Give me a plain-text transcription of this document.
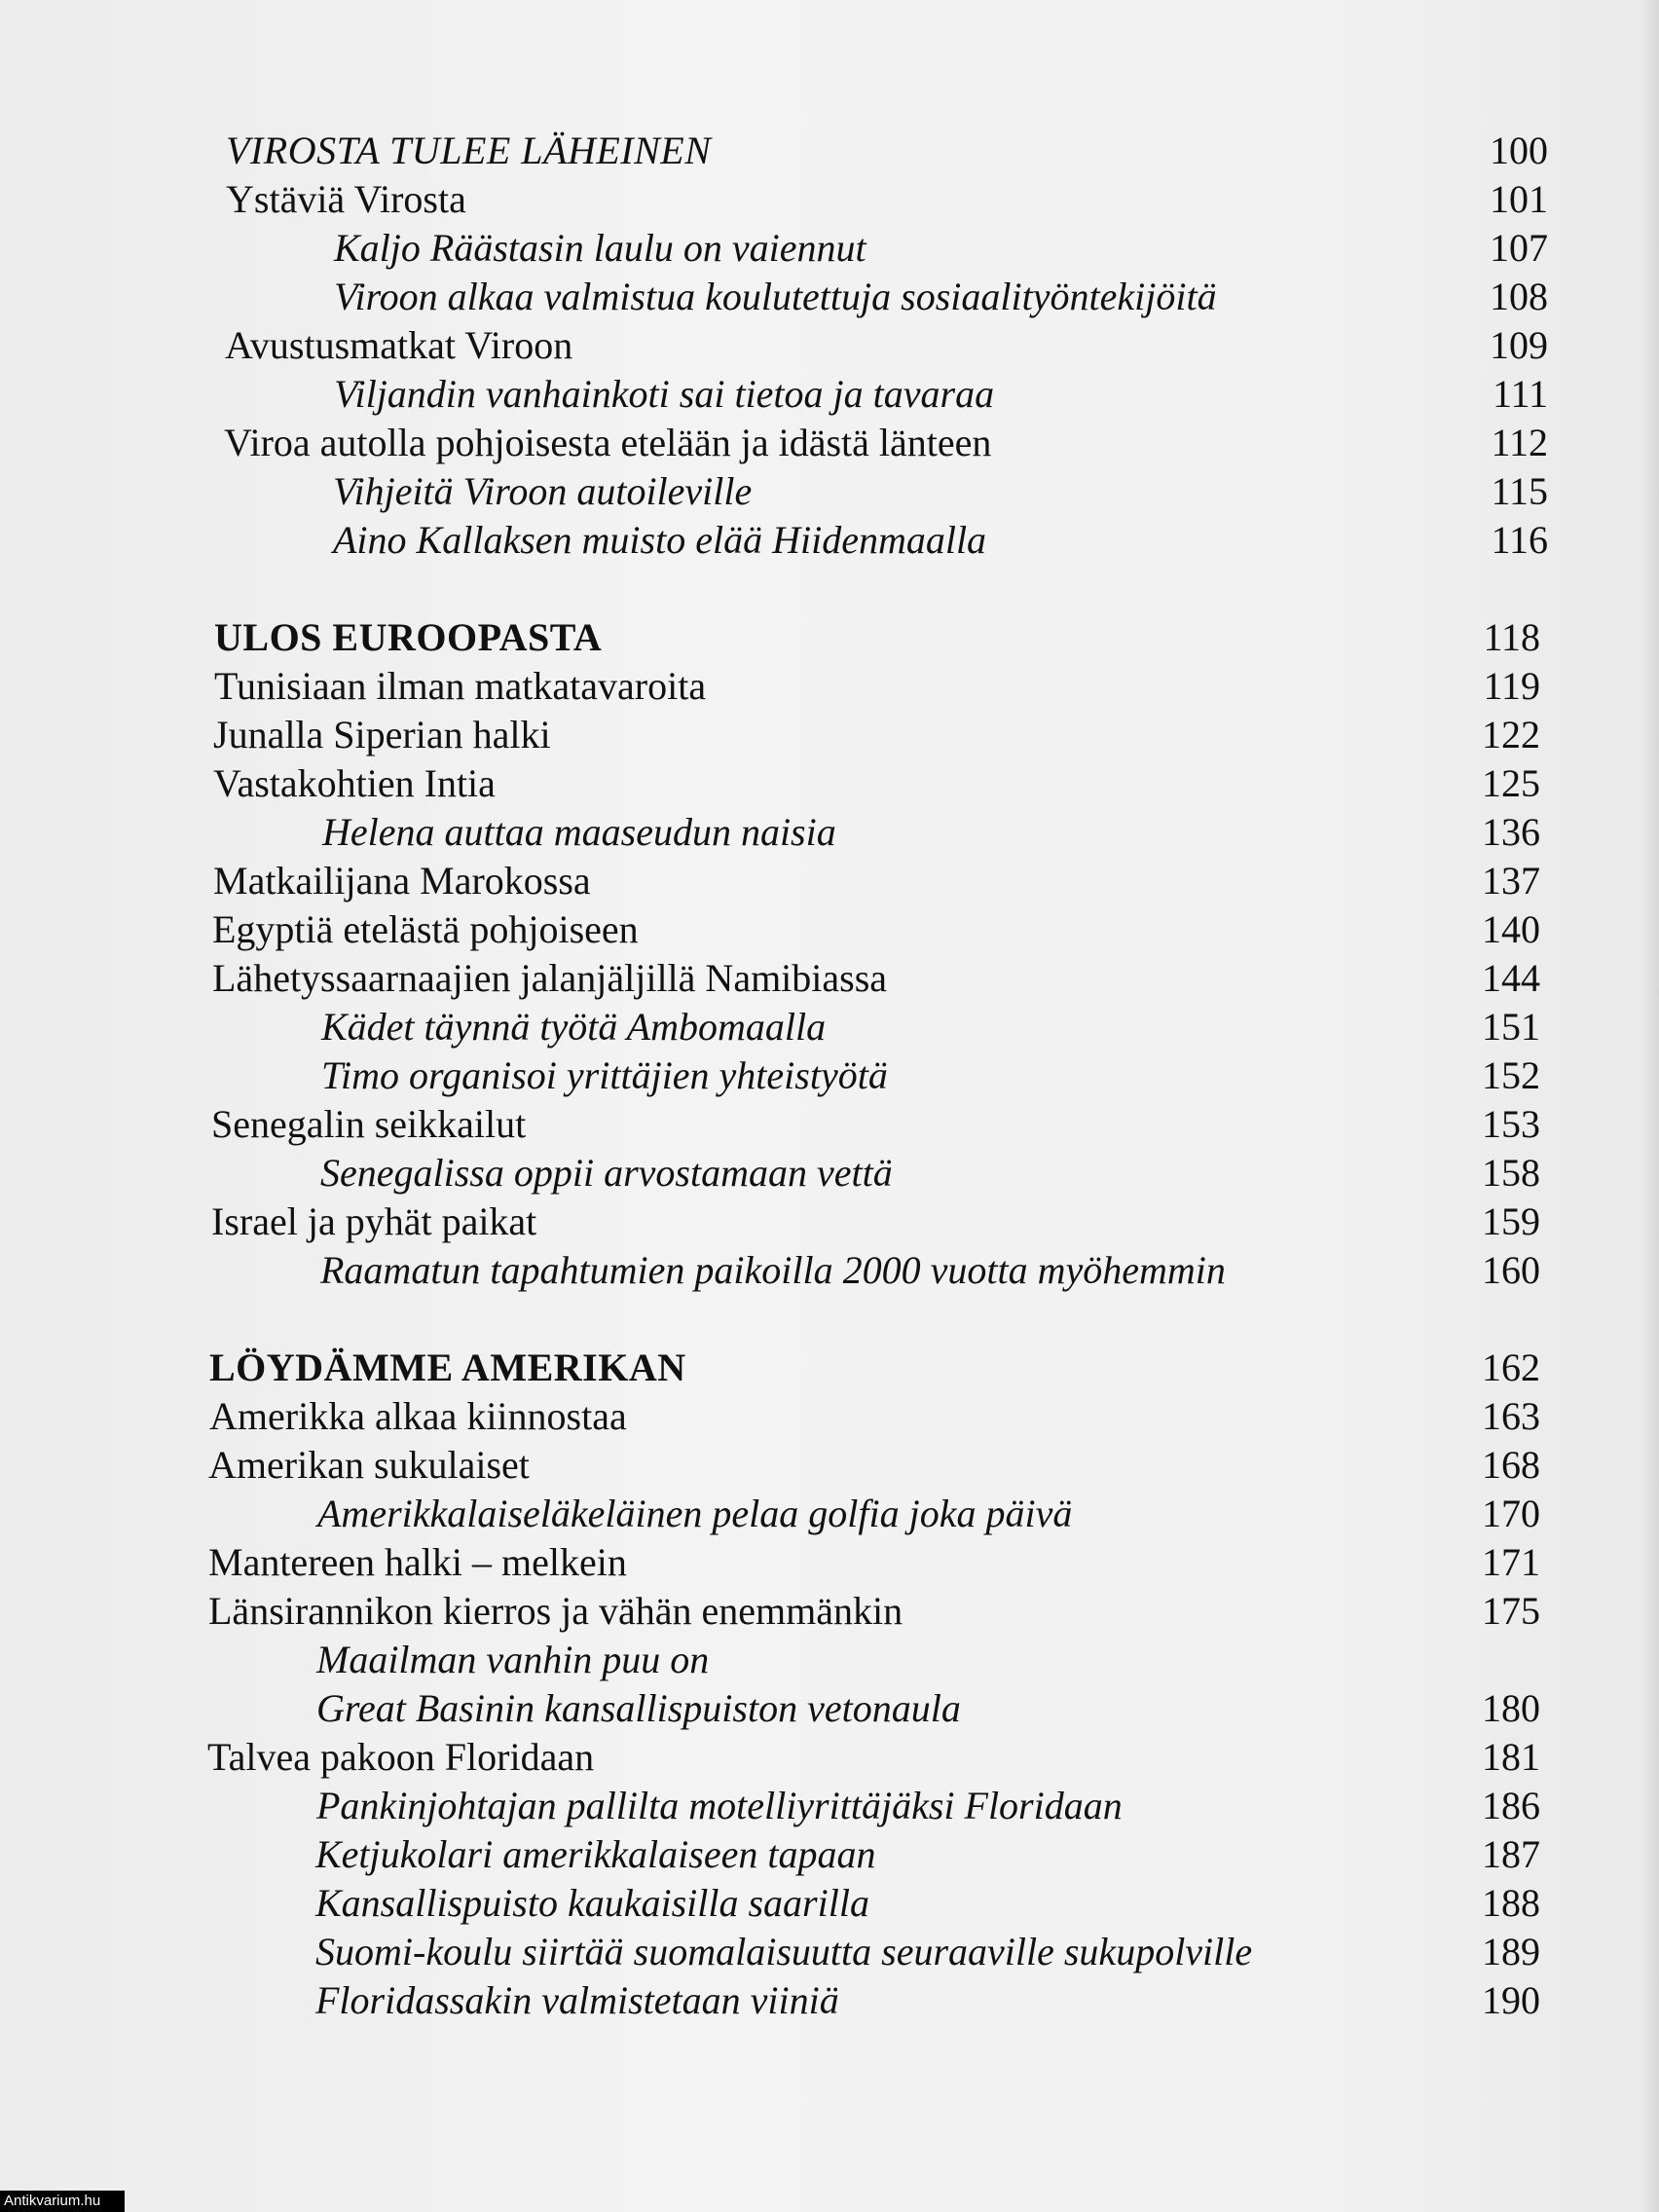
VIROSTA TULEE LÄHEINEN	100
Ystäviä Virosta	101
Kaljo Räästasin laulu on vaiennut	107
Viroon alkaa valmistua koulutettuja sosiaalityöntekijöitä	108
Avustusmatkat Viroon	109
Viljandin vanhainkoti sai tietoa ja tavaraa	111
Viroa autolla pohjoisesta etelään ja idästä länteen	112
Vihjeitä Viroon autoileville	115
Aino Kallaksen muisto elää Hiidenmaalla	116
ULOS EUROOPASTA	118
Tunisiaan ilman matkatavaroita	119
Junalla Siperian halki	122
Vastakohtien Intia	125
Helena auttaa maaseudun naisia	136
Matkailijana Marokossa	137
Egyptiä etelästä pohjoiseen	140
Lähetyssaarnaajien jalanjäljillä Namibiassa	144
Kädet täynnä työtä Ambomaalla	151
Timo organisoi yrittäjien yhteistyötä	152
Senegalin seikkailut	153
Senegalissa oppii arvostamaan vettä	158
Israel ja pyhät paikat	159
Raamatun tapahtumien paikoilla 2000 vuotta myöhemmin	160
LÖYDÄMME AMERIKAN	162
Amerikka alkaa kiinnostaa	163
Amerikan sukulaiset	168
Amerikkalaiseläkeläinen pelaa golfia joka päivä	170
Mantereen halki – melkein	171
Länsirannikon kierros ja vähän enemmänkin	175
Maailman vanhin puu on
Great Basinin kansallispuiston vetonaula	180
Talvea pakoon Floridaan	181
Pankinjohtajan pallilta motelliyrittäjäksi Floridaan	186
Ketjukolari amerikkalaiseen tapaan	187
Kansallispuisto kaukaisilla saarilla	188
Suomi-koulu siirtää suomalaisuutta seuraaville sukupolville	189
Floridassakin valmistetaan viiniä	190
Antikvarium.hu
